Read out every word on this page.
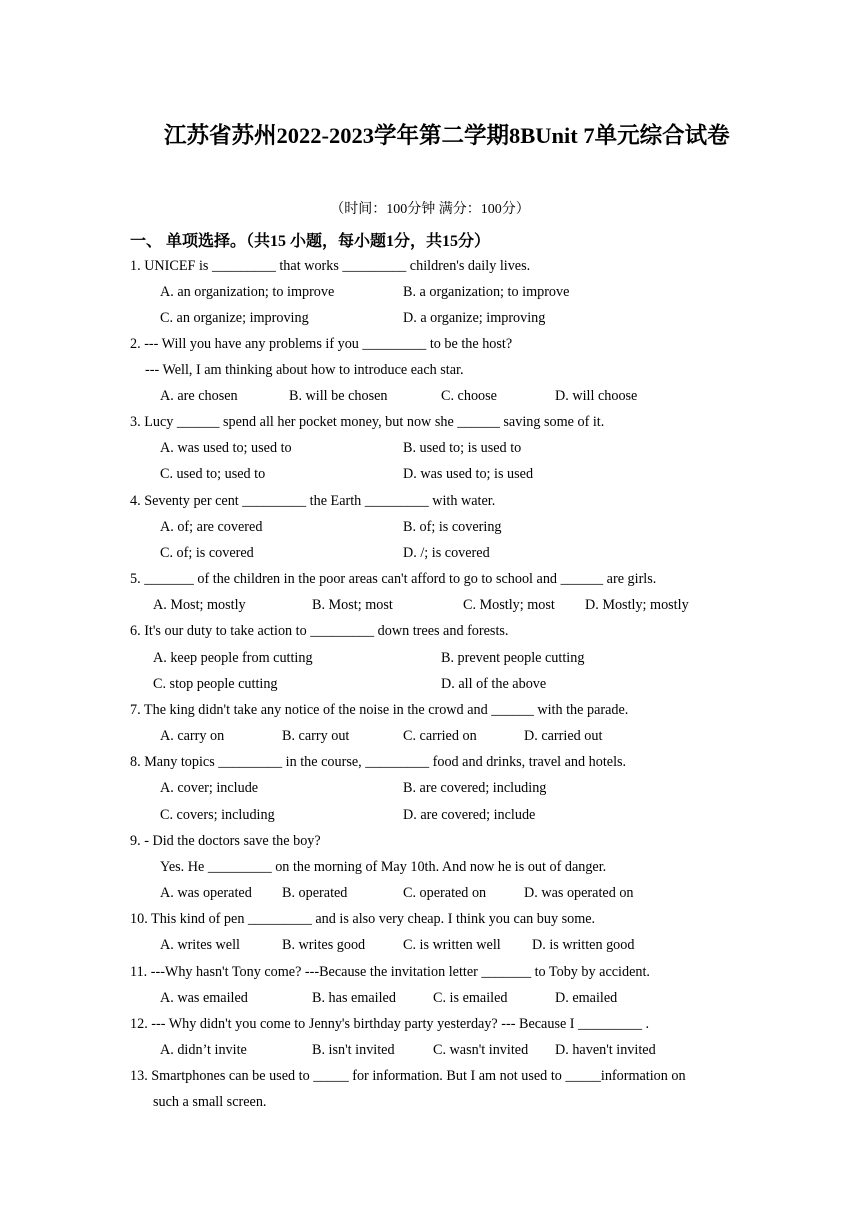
江苏省苏州2022-2023学年第二学期8BUnit 7单元综合试卷
（时间：100分钟 满分：100分）
一、 单项选择。（共15 小题，每小题1分，共15分）
1. UNICEF is _________ that works _________ children's daily lives.
A. an organization; to improve	B. a organization; to improve
C. an organize; improving	D. a organize; improving
2. --- Will you have any problems if you _________ to be the host?
--- Well, I am thinking about how to introduce each star.
A. are chosen	B. will be chosen	C. choose	D. will choose
3. Lucy ______ spend all her pocket money, but now she ______ saving some of it.
A. was used to; used to	B. used to; is used to
C. used to; used to	D. was used to; is used
4. Seventy per cent _________ the Earth _________ with water.
A. of; are covered	B. of; is covering
C. of; is covered	D. /; is covered
5. _______ of the children in the poor areas can't afford to go to school and ______ are girls.
A. Most; mostly	B. Most; most	C. Mostly; most D. Mostly; mostly
6. It's our duty to take action to _________ down trees and forests.
A. keep people from cutting	B. prevent people cutting
C. stop people cutting	D. all of the above
7. The king didn't take any notice of the noise in the crowd and ______ with the parade.
A. carry on	B. carry out	C. carried on	D. carried out
8. Many topics _________ in the course, _________ food and drinks, travel and hotels.
A. cover; include	B. are covered; including
C. covers; including	D. are covered; include
9. - Did the doctors save the boy?
Yes. He _________ on the morning of May 10th. And now he is out of danger.
A. was operated B. operated	C. operated on	D. was operated on
10. This kind of pen _________ and is also very cheap. I think you can buy some.
A. writes well	B. writes good	C. is written well D. is written good
11. ---Why hasn't Tony come? ---Because the invitation letter _______ to Toby by accident.
A. was emailed	B. has emailed	C. is emailed	D. emailed
12. --- Why didn't you come to Jenny's birthday party yesterday? --- Because I _________ .
A. didn’t invite	B. isn't invited	C. wasn't invited D. haven't invited
13. Smartphones can be used to _____ for information. But I am not used to _____information on
such a small screen.
